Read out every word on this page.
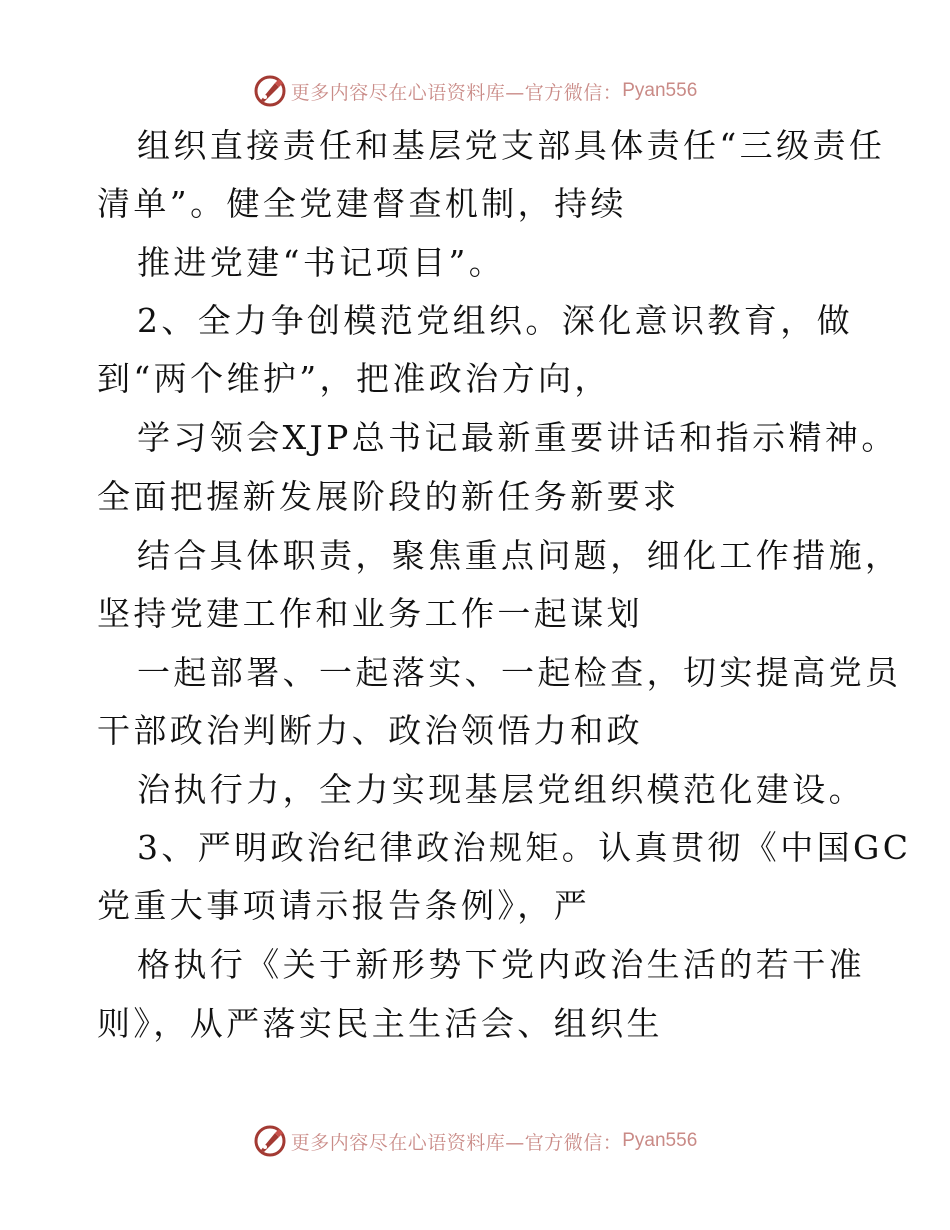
更多内容尽在心语资料库—官方微信： Pyan556
组织直接责任和基层党支部具体责任“三级责任
清单”。健全党建督查机制，持续
推进党建“书记项目”。
2、全力争创模范党组织。深化意识教育，做
到“两个维护”，把准政治方向，
学习领会XJP总书记最新重要讲话和指示精神。
全面把握新发展阶段的新任务新要求
结合具体职责，聚焦重点问题，细化工作措施，
坚持党建工作和业务工作一起谋划
一起部署、一起落实、一起检查，切实提高党员
干部政治判断力、政治领悟力和政
治执行力，全力实现基层党组织模范化建设。
3、严明政治纪律政治规矩。认真贯彻《中国GC
党重大事项请示报告条例》，严
格执行《关于新形势下党内政治生活的若干准
则》，从严落实民主生活会、组织生
更多内容尽在心语资料库—官方微信： Pyan556
